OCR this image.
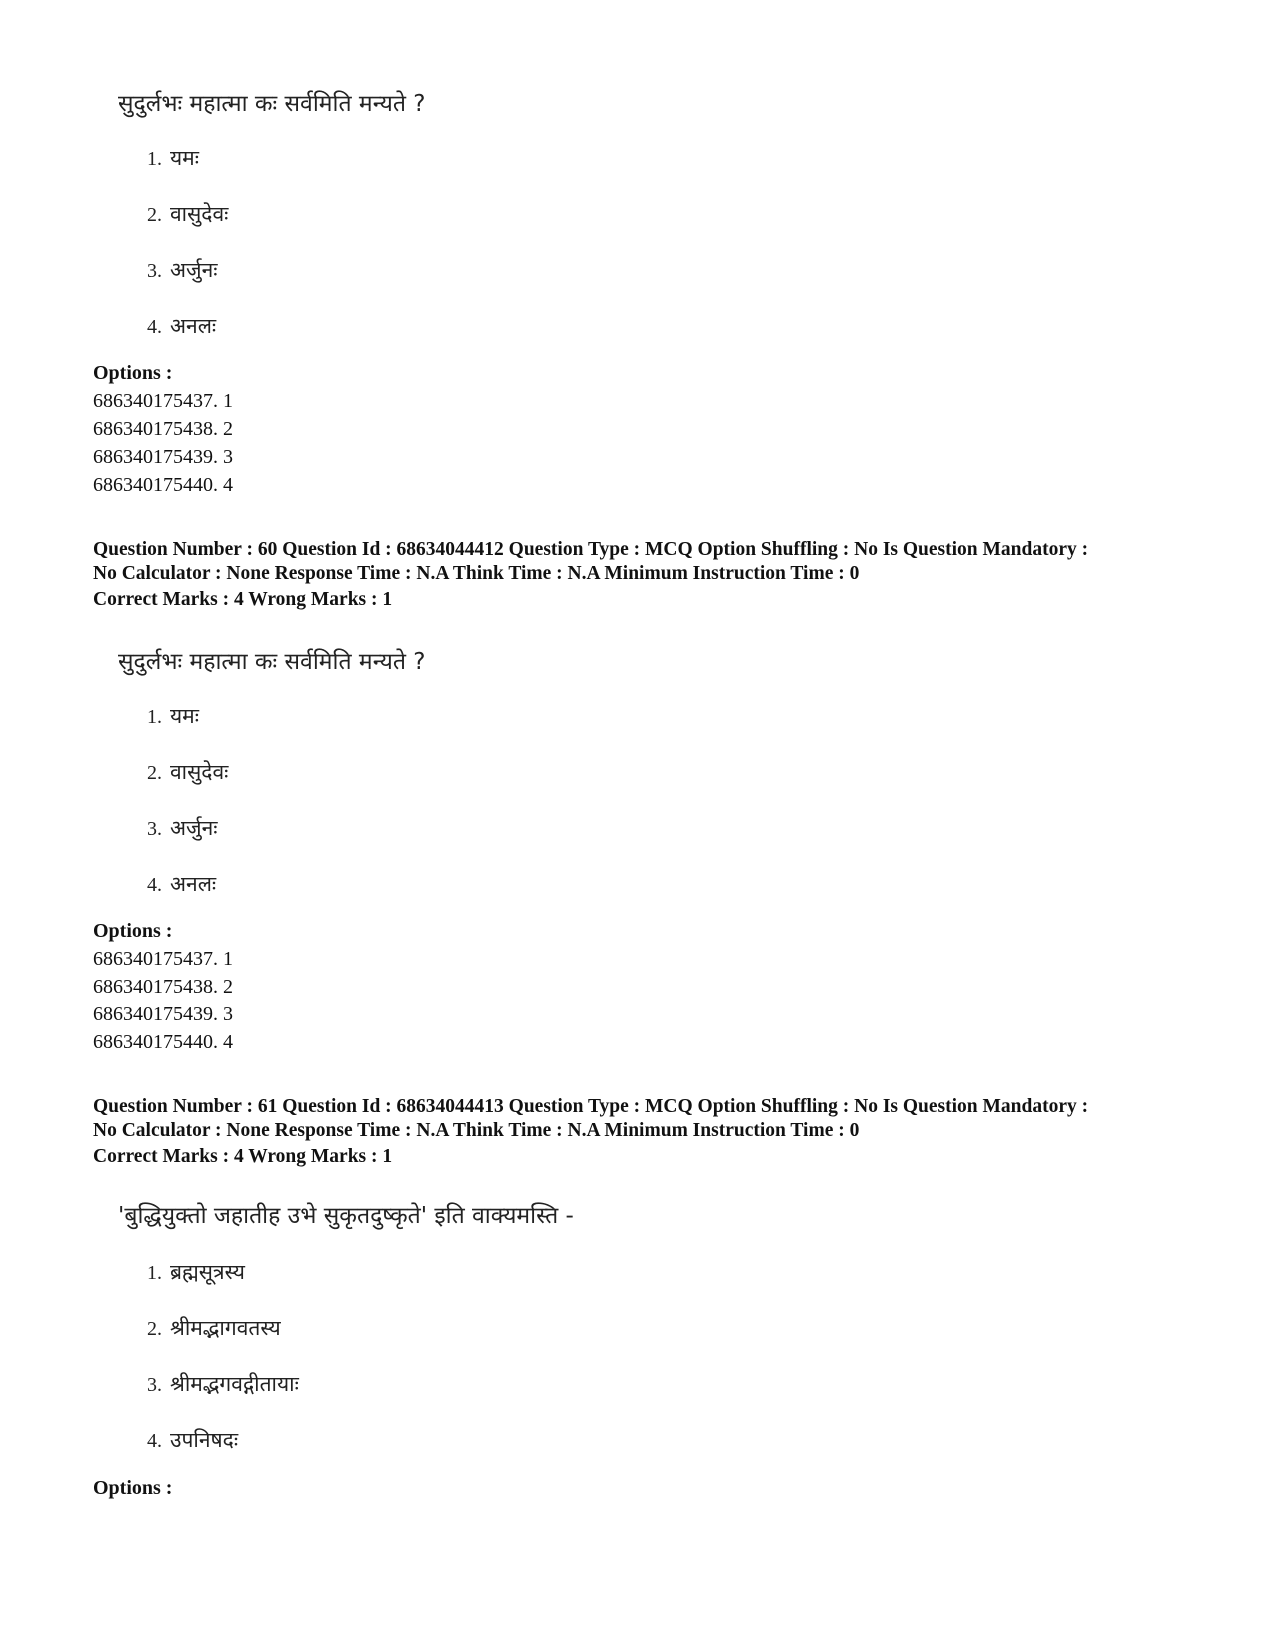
सुदुर्लभः महात्मा कः सर्वमिति मन्यते ?
1. यमः
2. वासुदेवः
3. अर्जुनः
4. अनलः
Options :
686340175437. 1
686340175438. 2
686340175439. 3
686340175440. 4
Question Number : 60 Question Id : 68634044412 Question Type : MCQ Option Shuffling : No Is Question Mandatory :
No Calculator : None Response Time : N.A Think Time : N.A Minimum Instruction Time : 0
Correct Marks : 4 Wrong Marks : 1
सुदुर्लभः महात्मा कः सर्वमिति मन्यते ?
1. यमः
2. वासुदेवः
3. अर्जुनः
4. अनलः
Options :
686340175437. 1
686340175438. 2
686340175439. 3
686340175440. 4
Question Number : 61 Question Id : 68634044413 Question Type : MCQ Option Shuffling : No Is Question Mandatory :
No Calculator : None Response Time : N.A Think Time : N.A Minimum Instruction Time : 0
Correct Marks : 4 Wrong Marks : 1
'बुद्धियुक्तो जहातीह उभे सुकृतदुष्कृते' इति वाक्यमस्ति -
1. ब्रह्मसूत्रस्य
2. श्रीमद्भागवतस्य
3. श्रीमद्भगवद्गीतायाः
4. उपनिषदः
Options :
